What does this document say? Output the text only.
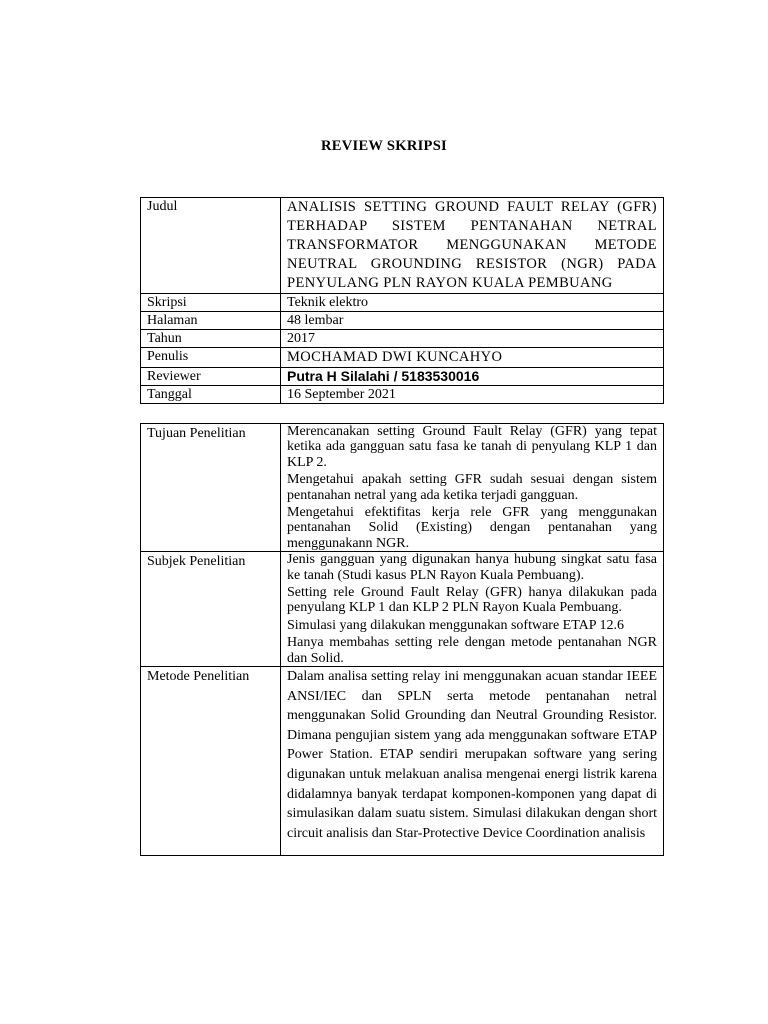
REVIEW SKRIPSI
Judul	ANALISIS SETTING GROUND FAULT RELAY (GFR) TERHADAP SISTEM PENTANAHAN NETRAL TRANSFORMATOR MENGGUNAKAN METODE NEUTRAL GROUNDING RESISTOR (NGR) PADA PENYULANG PLN RAYON KUALA PEMBUANG
Skripsi	Teknik elektro
Halaman	48 lembar
Tahun	2017
Penulis	MOCHAMAD DWI KUNCAHYO
Reviewer	Putra H Silalahi / 5183530016
Tanggal	16 September 2021
Tujuan Penelitian	Merencanakan setting Ground Fault Relay (GFR) yang tepat ketika ada gangguan satu fasa ke tanah di penyulang KLP 1 dan KLP 2.

Mengetahui apakah setting GFR sudah sesuai dengan sistem pentanahan netral yang ada ketika terjadi gangguan.

Mengetahui efektifitas kerja rele GFR yang menggunakan pentanahan Solid (Existing) dengan pentanahan yang menggunakann NGR.

Subjek Penelitian	Jenis gangguan yang digunakan hanya hubung singkat satu fasa ke tanah (Studi kasus PLN Rayon Kuala Pembuang).

Setting rele Ground Fault Relay (GFR) hanya dilakukan pada penyulang KLP 1 dan KLP 2 PLN Rayon Kuala Pembuang.

Simulasi yang dilakukan menggunakan software ETAP 12.6

Hanya membahas setting rele dengan metode pentanahan NGR dan Solid.

Metode Penelitian	Dalam analisa setting relay ini menggunakan acuan standar IEEE ANSI/IEC dan SPLN serta metode pentanahan netral menggunakan Solid Grounding dan Neutral Grounding Resistor. Dimana pengujian sistem yang ada menggunakan software ETAP Power Station. ETAP sendiri merupakan software yang sering digunakan untuk melakuan analisa mengenai energi listrik karena didalamnya banyak terdapat komponen-komponen yang dapat di simulasikan dalam suatu sistem. Simulasi dilakukan dengan short circuit analisis dan Star-Protective Device Coordination analisis
